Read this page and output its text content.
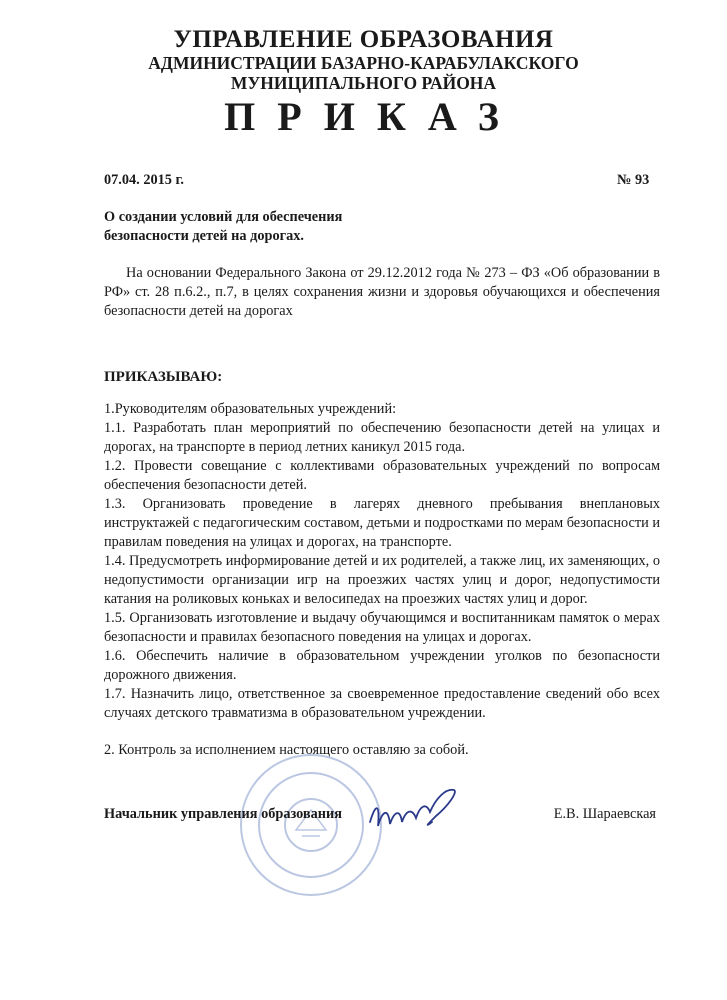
УПРАВЛЕНИЕ ОБРАЗОВАНИЯ
АДМИНИСТРАЦИИ БАЗАРНО-КАРАБУЛАКСКОГО
МУНИЦИПАЛЬНОГО РАЙОНА
ПРИКАЗ
07.04. 2015 г.	№ 93
О создании условий для обеспечения
безопасности детей на дорогах.
На основании Федерального Закона от 29.12.2012 года № 273 – ФЗ «Об образовании в
РФ» ст. 28 п.6.2., п.7, в целях сохранения жизни и здоровья обучающихся и обеспечения
безопасности детей на дорогах
ПРИКАЗЫВАЮ:
1.Руководителям образовательных учреждений:
1.1. Разработать план мероприятий по обеспечению безопасности детей на улицах и
дорогах, на транспорте в период летних каникул 2015 года.
1.2. Провести совещание с коллективами образовательных учреждений по вопросам
обеспечения безопасности детей.
1.3. Организовать проведение в лагерях дневного пребывания внеплановых
инструктажей с педагогическим составом, детьми и подростками по мерам безопасности и
правилам поведения на улицах и дорогах, на транспорте.
1.4. Предусмотреть информирование детей и их родителей, а также лиц, их заменяющих, о
недопустимости организации игр на проезжих частях улиц и дорог, недопустимости
катания на роликовых коньках и велосипедах на проезжих частях улиц и дорог.
1.5. Организовать изготовление и выдачу обучающимся и воспитанникам памяток о мерах
безопасности и правилах безопасного поведения на улицах и дорогах.
1.6. Обеспечить наличие в образовательном учреждении уголков по безопасности
дорожного движения.
1.7. Назначить лицо, ответственное за своевременное предоставление сведений обо всех
случаях детского травматизма в образовательном учреждении.
2. Контроль за исполнением настоящего оставляю за собой.
Начальник управления образования	Е.В. Шараевская
